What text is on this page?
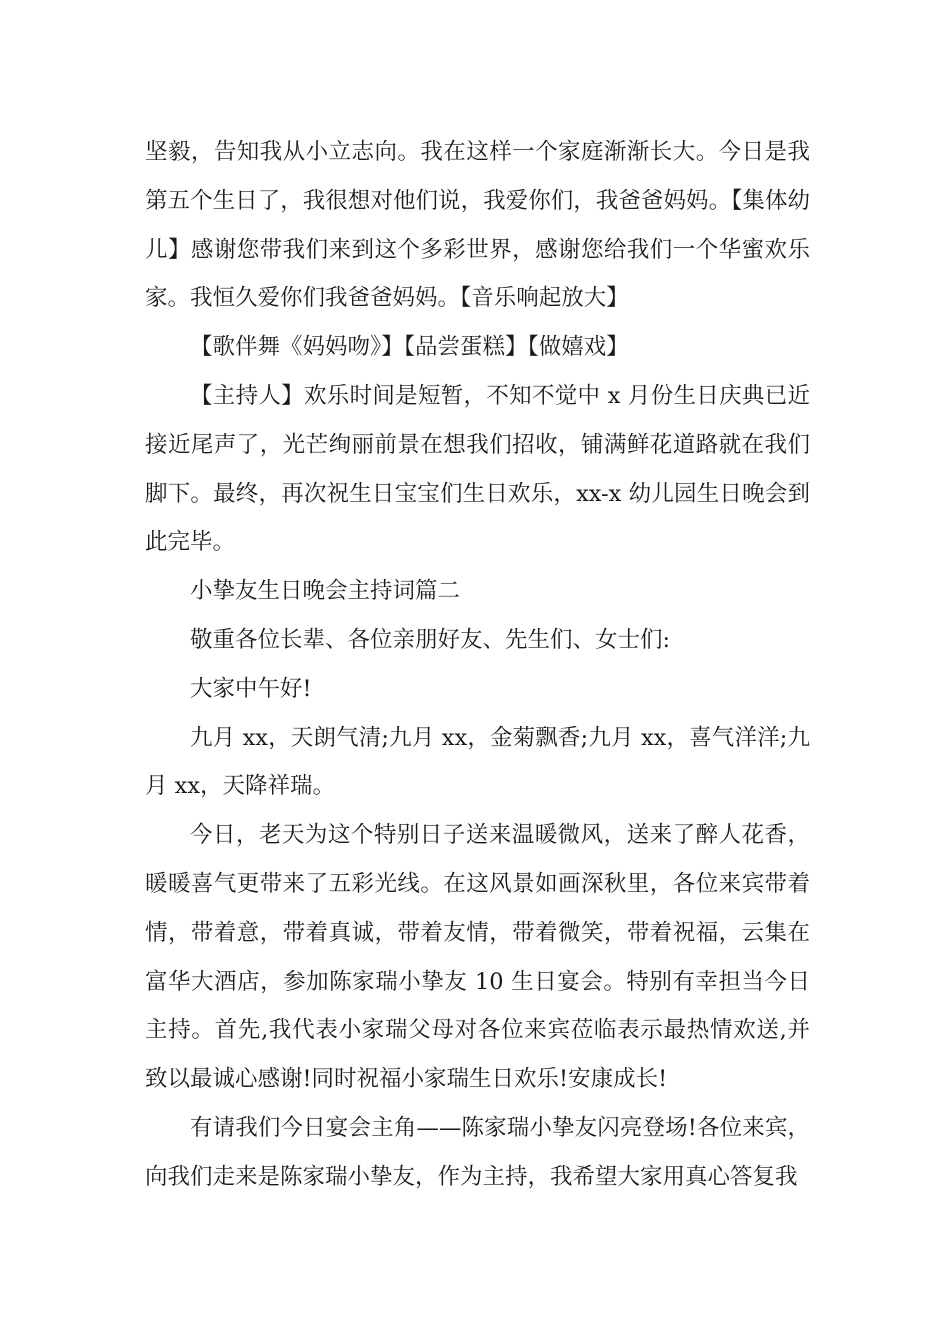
坚毅，告知我从小立志向。我在这样一个家庭渐渐长大。今日是我第五个生日了，我很想对他们说，我爱你们，我爸爸妈妈。【集体幼儿】感谢您带我们来到这个多彩世界，感谢您给我们一个华蜜欢乐家。我恒久爱你们我爸爸妈妈。【音乐响起放大】

【歌伴舞《妈妈吻》】【品尝蛋糕】【做嬉戏】

【主持人】欢乐时间是短暂，不知不觉中 x 月份生日庆典已近接近尾声了，光芒绚丽前景在想我们招收，铺满鲜花道路就在我们脚下。最终，再次祝生日宝宝们生日欢乐，xx-x 幼儿园生日晚会到此完毕。

小挚友生日晚会主持词篇二

敬重各位长辈、各位亲朋好友、先生们、女士们:

大家中午好!

九月 xx，天朗气清;九月 xx，金菊飘香;九月 xx，喜气洋洋;九月 xx，天降祥瑞。

今日，老天为这个特别日子送来温暖微风，送来了醉人花香，暖暖喜气更带来了五彩光线。在这风景如画深秋里，各位来宾带着情，带着意，带着真诚，带着友情，带着微笑，带着祝福，云集在富华大酒店，参加陈家瑞小挚友 10 生日宴会。特别有幸担当今日主持。首先,我代表小家瑞父母对各位来宾莅临表示最热情欢送,并致以最诚心感谢!同时祝福小家瑞生日欢乐!安康成长!

有请我们今日宴会主角——陈家瑞小挚友闪亮登场!各位来宾，向我们走来是陈家瑞小挚友，作为主持，我希望大家用真心答复我
